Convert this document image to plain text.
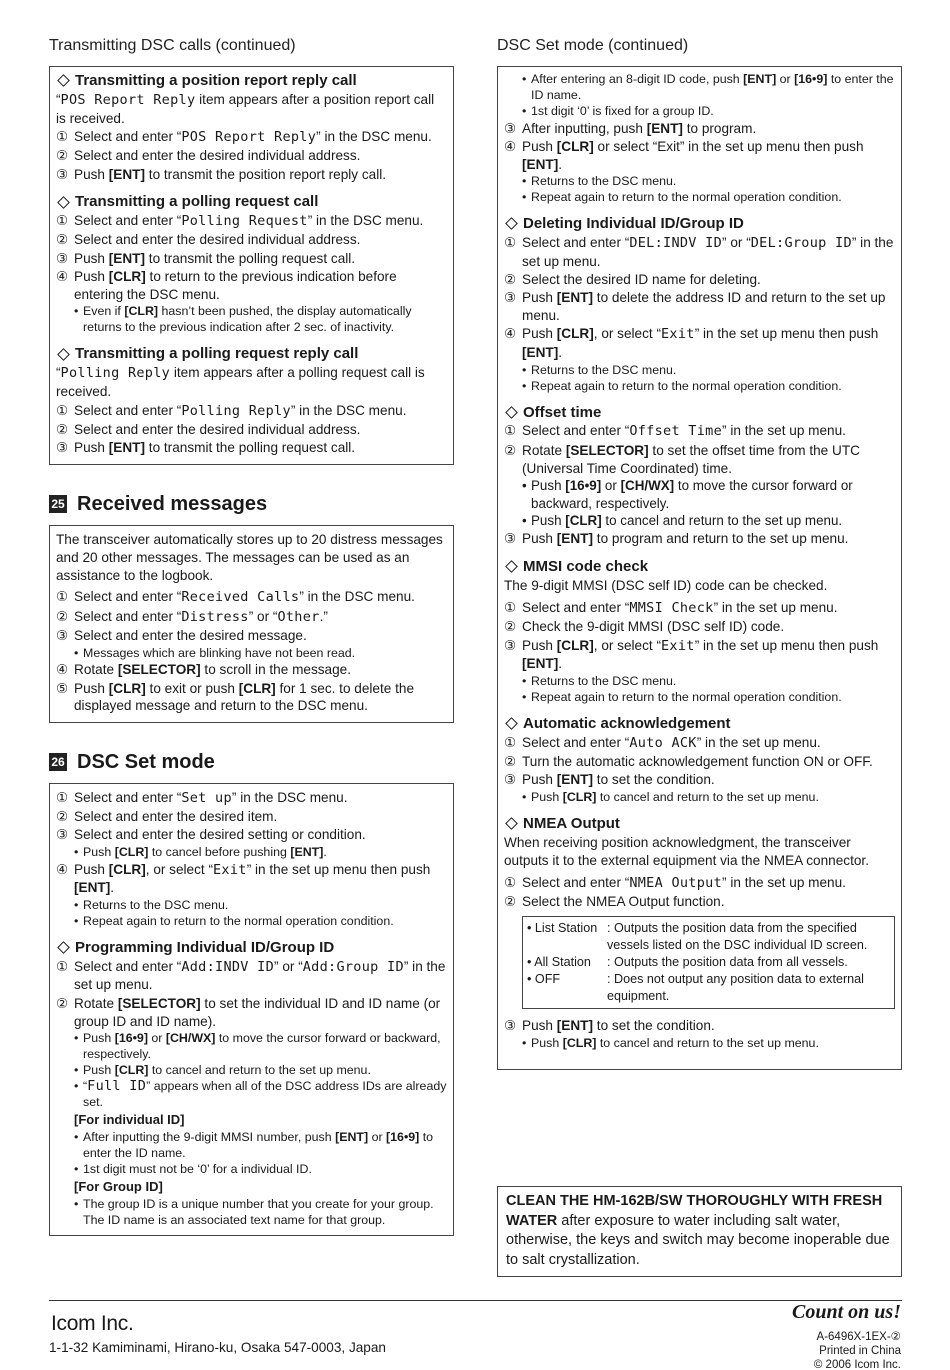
Transmitting DSC calls (continued)
Transmitting a position report reply call
“POS Report Reply item appears after a position report call is received.
① Select and enter “POS Report Reply” in the DSC menu.
② Select and enter the desired individual address.
③ Push [ENT] to transmit the position report reply call.
Transmitting a polling request call
① Select and enter “Polling Request” in the DSC menu.
② Select and enter the desired individual address.
③ Push [ENT] to transmit the polling request call.
④ Push [CLR] to return to the previous indication before entering the DSC menu.
• Even if [CLR] hasn’t been pushed, the display automatically returns to the previous indication after 2 sec. of inactivity.
Transmitting a polling request reply call
“Polling Reply item appears after a polling request call is received.
① Select and enter “Polling Reply” in the DSC menu.
② Select and enter the desired individual address.
③ Push [ENT] to transmit the polling request call.
25 Received messages
The transceiver automatically stores up to 20 distress messages and 20 other messages. The messages can be used as an assistance to the logbook.
① Select and enter “Received Calls” in the DSC menu.
② Select and enter “Distress” or “Other.”
③ Select and enter the desired message.
• Messages which are blinking have not been read.
④ Rotate [SELECTOR] to scroll in the message.
⑤ Push [CLR] to exit or push [CLR] for 1 sec. to delete the displayed message and return to the DSC menu.
26 DSC Set mode
① Select and enter “Set up” in the DSC menu.
② Select and enter the desired item.
③ Select and enter the desired setting or condition.
• Push [CLR] to cancel before pushing [ENT].
④ Push [CLR], or select “Exit” in the set up menu then push [ENT].
• Returns to the DSC menu.
• Repeat again to return to the normal operation condition.
Programming Individual ID/Group ID
① Select and enter “Add:INDV ID” or “Add:Group ID” in the set up menu.
② Rotate [SELECTOR] to set the individual ID and ID name (or group ID and ID name).
• Push [16•9] or [CH/WX] to move the cursor forward or backward, respectively.
• Push [CLR] to cancel and return to the set up menu.
• “Full ID” appears when all of the DSC address IDs are already set.
[For individual ID]
• After inputting the 9-digit MMSI number, push [ENT] or [16•9] to enter the ID name.
• 1st digit must not be ‘0’ for a individual ID.
[For Group ID]
• The group ID is a unique number that you create for your group. The ID name is an associated text name for that group.
DSC Set mode (continued)
• After entering an 8-digit ID code, push [ENT] or [16•9] to enter the ID name.
• 1st digit ‘0’ is fixed for a group ID.
③ After inputting, push [ENT] to program.
④ Push [CLR] or select “Exit” in the set up menu then push [ENT].
• Returns to the DSC menu.
• Repeat again to return to the normal operation condition.
Deleting Individual ID/Group ID
① Select and enter “DEL:INDV ID” or “DEL:Group ID” in the set up menu.
② Select the desired ID name for deleting.
③ Push [ENT] to delete the address ID and return to the set up menu.
④ Push [CLR], or select “Exit” in the set up menu then push [ENT].
• Returns to the DSC menu.
• Repeat again to return to the normal operation condition.
Offset time
① Select and enter “Offset Time” in the set up menu.
② Rotate [SELECTOR] to set the offset time from the UTC (Universal Time Coordinated) time.
• Push [16•9] or [CH/WX] to move the cursor forward or backward, respectively.
• Push [CLR] to cancel and return to the set up menu.
③ Push [ENT] to program and return to the set up menu.
MMSI code check
The 9-digit MMSI (DSC self ID) code can be checked.
① Select and enter “MMSI Check” in the set up menu.
② Check the 9-digit MMSI (DSC self ID) code.
③ Push [CLR], or select “Exit” in the set up menu then push [ENT].
• Returns to the DSC menu.
• Repeat again to return to the normal operation condition.
Automatic acknowledgement
① Select and enter “Auto ACK” in the set up menu.
② Turn the automatic acknowledgement function ON or OFF.
③ Push [ENT] to set the condition.
• Push [CLR] to cancel and return to the set up menu.
NMEA Output
When receiving position acknowledgment, the transceiver outputs it to the external equipment via the NMEA connector.
① Select and enter “NMEA Output” in the set up menu.
② Select the NMEA Output function.
• List Station : Outputs the position data from the specified vessels listed on the DSC individual ID screen.
• All Station	: Outputs the position data from all vessels.
• OFF	: Does not output any position data to external equipment.
③ Push [ENT] to set the condition.
• Push [CLR] to cancel and return to the set up menu.
CLEAN THE HM-162B/SW THOROUGHLY WITH FRESH WATER after exposure to water including salt water, otherwise, the keys and switch may become inoperable due to salt crystallization.
Icom Inc.
1-1-32 Kamiminami, Hirano-ku, Osaka 547-0003, Japan
Count on us!
A-6496X-1EX-②
Printed in China
© 2006 Icom Inc.
